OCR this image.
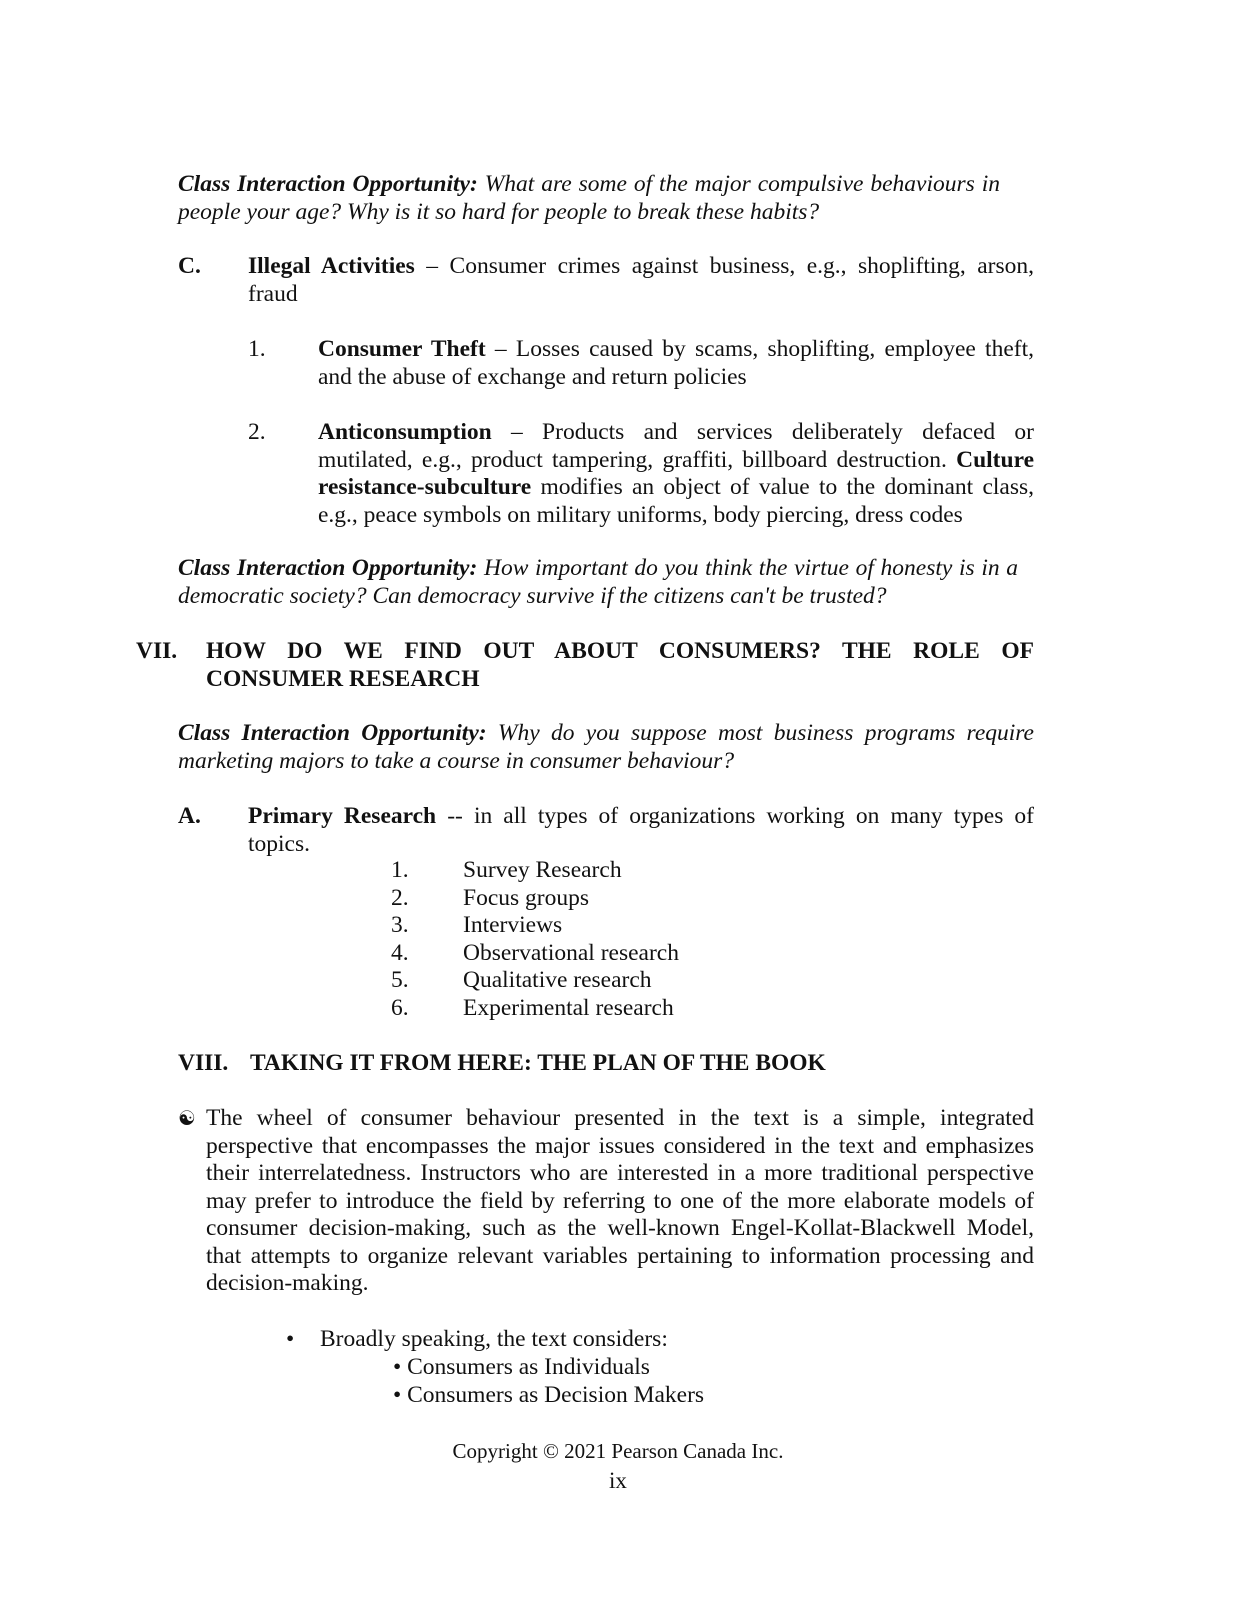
Class Interaction Opportunity: What are some of the major compulsive behaviours in people your age? Why is it so hard for people to break these habits?
C. Illegal Activities – Consumer crimes against business, e.g., shoplifting, arson, fraud
1. Consumer Theft – Losses caused by scams, shoplifting, employee theft, and the abuse of exchange and return policies
2. Anticonsumption – Products and services deliberately defaced or mutilated, e.g., product tampering, graffiti, billboard destruction. Culture resistance-subculture modifies an object of value to the dominant class, e.g., peace symbols on military uniforms, body piercing, dress codes
Class Interaction Opportunity: How important do you think the virtue of honesty is in a democratic society? Can democracy survive if the citizens can't be trusted?
VII. HOW DO WE FIND OUT ABOUT CONSUMERS? THE ROLE OF CONSUMER RESEARCH
Class Interaction Opportunity: Why do you suppose most business programs require marketing majors to take a course in consumer behaviour?
A. Primary Research -- in all types of organizations working on many types of topics.
1. Survey Research
2. Focus groups
3. Interviews
4. Observational research
5. Qualitative research
6. Experimental research
VIII. TAKING IT FROM HERE: THE PLAN OF THE BOOK
☯ The wheel of consumer behaviour presented in the text is a simple, integrated perspective that encompasses the major issues considered in the text and emphasizes their interrelatedness. Instructors who are interested in a more traditional perspective may prefer to introduce the field by referring to one of the more elaborate models of consumer decision-making, such as the well-known Engel-Kollat-Blackwell Model, that attempts to organize relevant variables pertaining to information processing and decision-making.
• Broadly speaking, the text considers:
• Consumers as Individuals
• Consumers as Decision Makers
Copyright © 2021 Pearson Canada Inc.
ix
